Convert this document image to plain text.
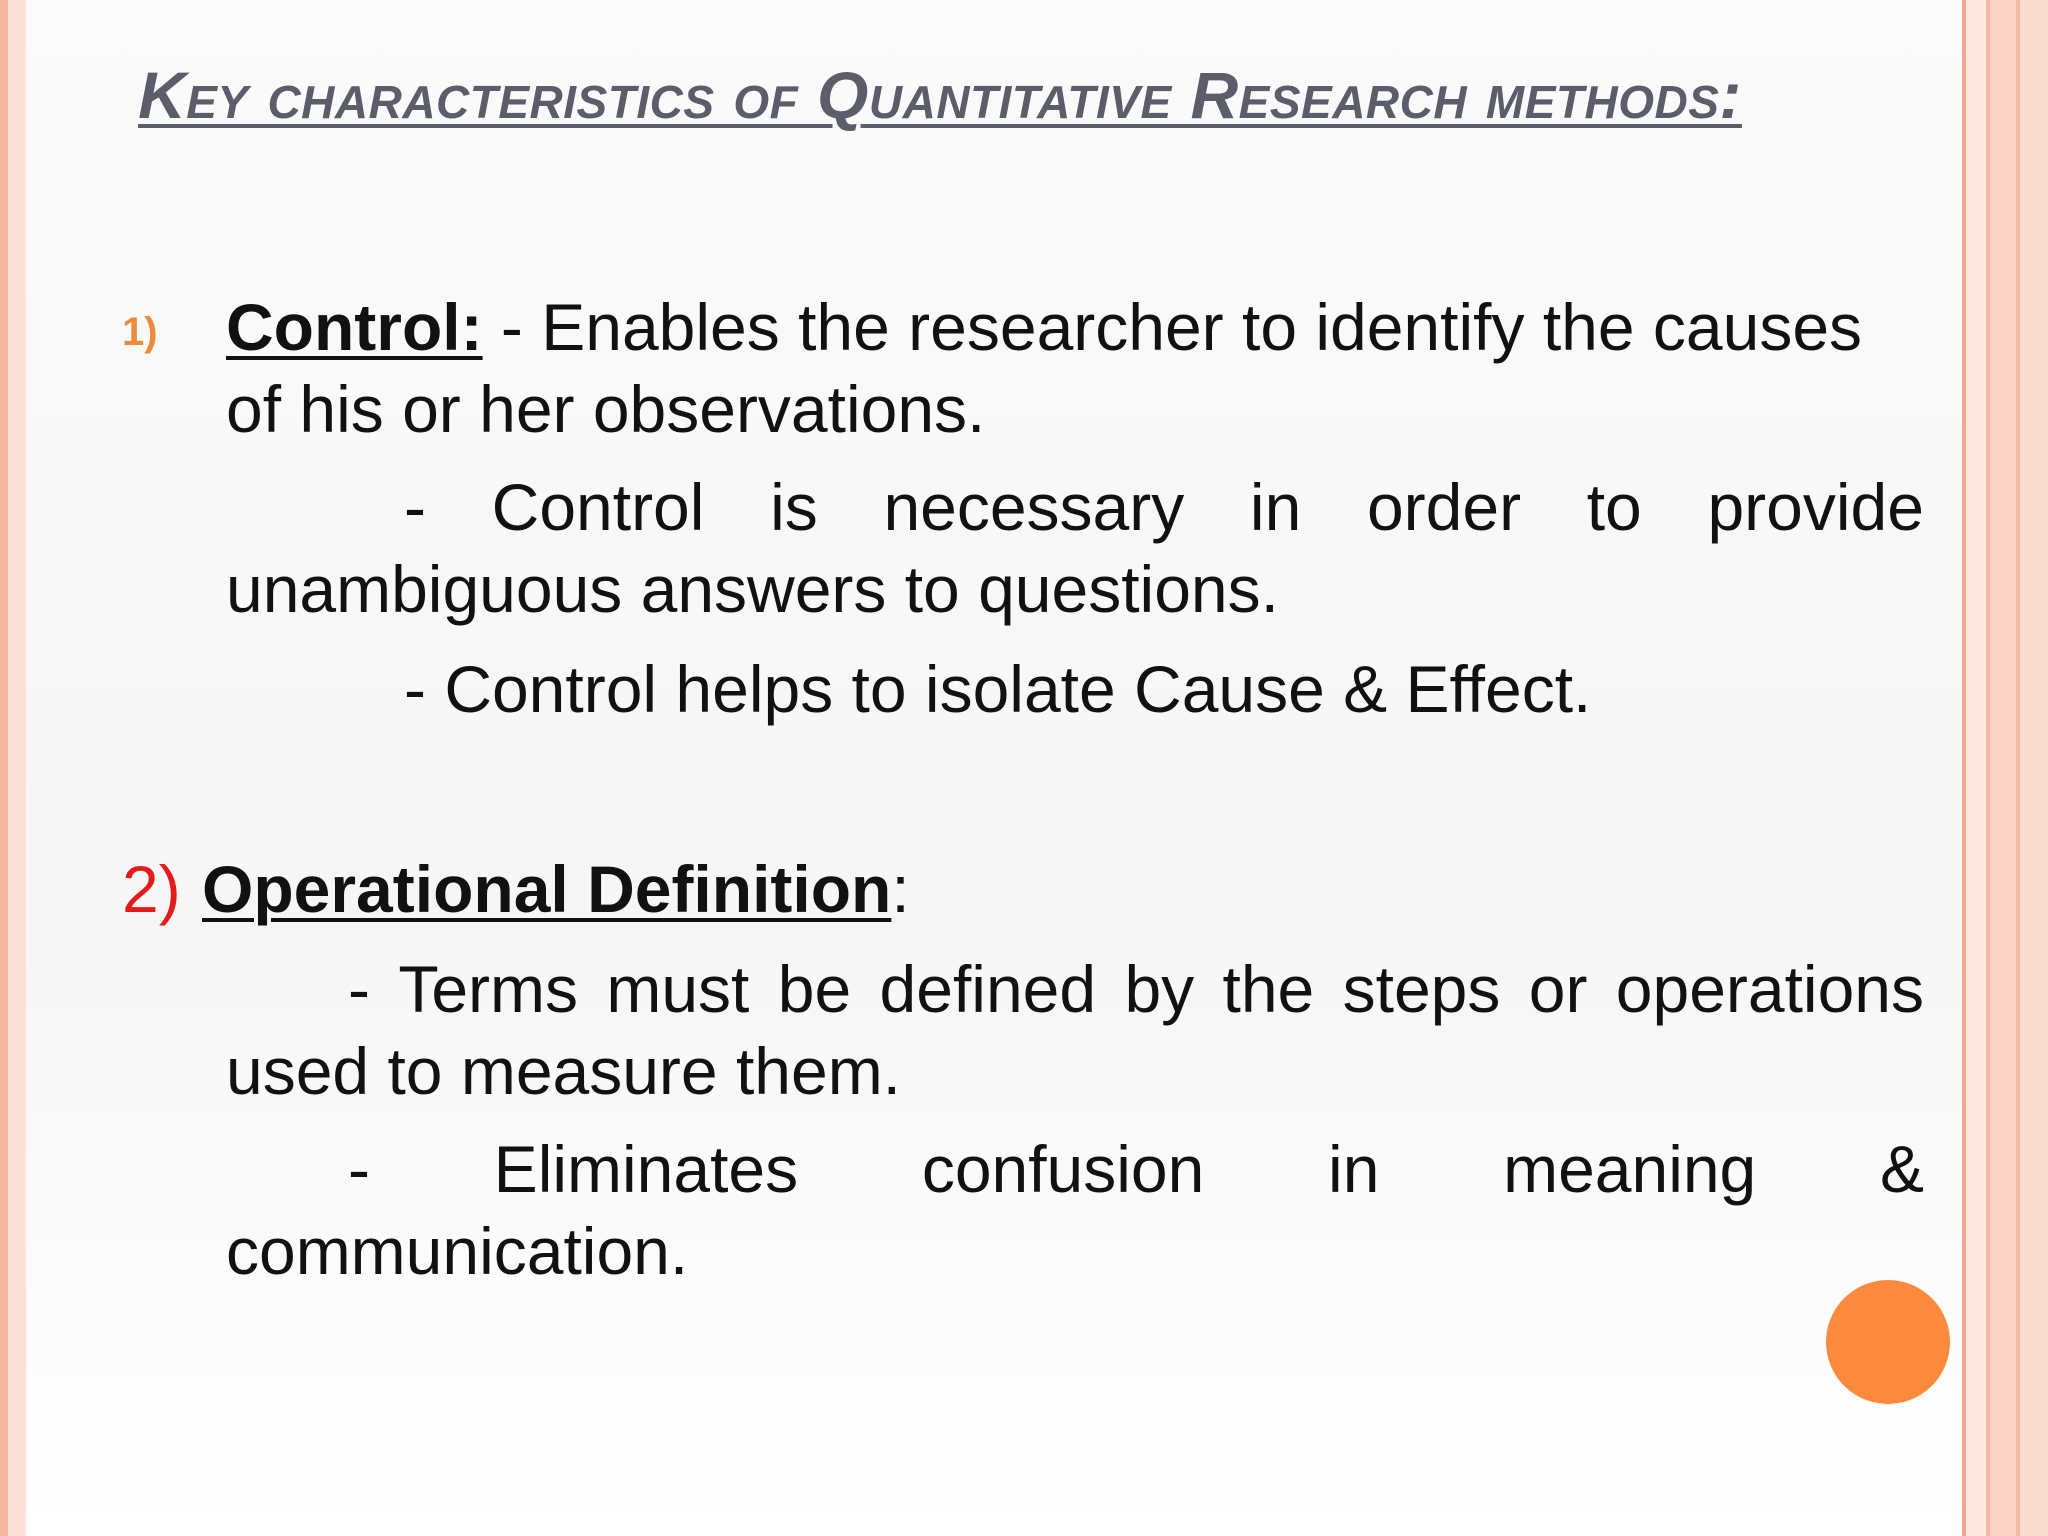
Key characteristics of Quantitative Research methods:
1) Control: - Enables the researcher to identify the causes
of his or her observations.
- Control is necessary in order to provide
unambiguous answers to questions.
- Control helps to isolate Cause & Effect.
2) Operational Definition:
- Terms must be defined by the steps or operations
used to measure them.
- Eliminates confusion in meaning &
communication.
